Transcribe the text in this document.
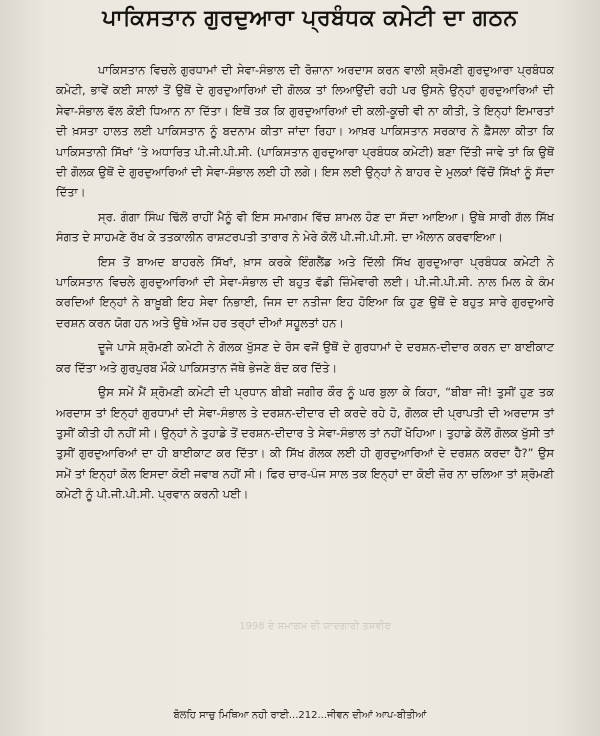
ਪਾਕਿਸਤਾਨ ਗੁਰਦੁਆਰਾ ਪ੍ਰਬੰਧਕ ਕਮੇਟੀ ਦਾ ਗਠਨ

ਪਾਕਿਸਤਾਨ ਵਿਚਲੇ ਗੁਰਧਾਮਾਂ ਦੀ ਸੇਵਾ-ਸੰਭਾਲ ਦੀ ਰੋਜ਼ਾਨਾ ਅਰਦਾਸ ਕਰਨ ਵਾਲੀ ਸ਼੍ਰੋਮਣੀ ਗੁਰਦੁਆਰਾ ਪ੍ਰਬੰਧਕ ਕਮੇਟੀ, ਭਾਵੇਂ ਕਈ ਸਾਲਾਂ ਤੋਂ ਉਥੋਂ ਦੇ ਗੁਰਦੁਆਰਿਆਂ ਦੀ ਗੋਲਕ ਤਾਂ ਲਿਆਉਂਦੀ ਰਹੀ ਪਰ ਉਸਨੇ ਉਨ੍ਹਾਂ ਗੁਰਦੁਆਰਿਆਂ ਦੀ ਸੇਵਾ-ਸੰਭਾਲ ਵੱਲ ਕੋਈ ਧਿਆਨ ਨਾ ਦਿੱਤਾ। ਇਥੋਂ ਤਕ ਕਿ ਗੁਰਦੁਆਰਿਆਂ ਦੀ ਕਲੀ-ਕੂਚੀ ਵੀ ਨਾ ਕੀਤੀ, ਤੇ ਇਨ੍ਹਾਂ ਇਮਾਰਤਾਂ ਦੀ ਖ਼ਸਤਾ ਹਾਲਤ ਲਈ ਪਾਕਿਸਤਾਨ ਨੂੰ ਬਦਨਾਮ ਕੀਤਾ ਜਾਂਦਾ ਰਿਹਾ। ਆਖ਼ਰ ਪਾਕਿਸਤਾਨ ਸਰਕਾਰ ਨੇ ਫ਼ੈਸਲਾ ਕੀਤਾ ਕਿ ਪਾਕਿਸਤਾਨੀ ਸਿੱਖਾਂ ’ਤੇ ਅਧਾਰਿਤ ਪੀ.ਜੀ.ਪੀ.ਸੀ. (ਪਾਕਿਸਤਾਨ ਗੁਰਦੁਆਰਾ ਪ੍ਰਬੰਧਕ ਕਮੇਟੀ) ਬਣਾ ਦਿੱਤੀ ਜਾਵੇ ਤਾਂ ਕਿ ਉਥੋਂ ਦੀ ਗੋਲਕ ਉਥੋਂ ਦੇ ਗੁਰਦੁਆਰਿਆਂ ਦੀ ਸੇਵਾ-ਸੰਭਾਲ ਲਈ ਹੀ ਲਗੇ। ਇਸ ਲਈ ਉਨ੍ਹਾਂ ਨੇ ਬਾਹਰ ਦੇ ਮੁਲਕਾਂ ਵਿੱਚੋਂ ਸਿੱਖਾਂ ਨੂੰ ਸੱਦਾ ਦਿੱਤਾ।

ਸ੍ਰ. ਗੰਗਾ ਸਿੰਘ ਢਿੱਲੋਂ ਰਾਹੀਂ ਮੈਨੂੰ ਵੀ ਇਸ ਸਮਾਗਮ ਵਿੱਚ ਸ਼ਾਮਲ ਹੋਣ ਦਾ ਸੱਦਾ ਆਇਆ। ਉਥੇ ਸਾਰੀ ਗੱਲ ਸਿੱਖ ਸੰਗਤ ਦੇ ਸਾਹਮਣੇ ਰੱਖ ਕੇ ਤਤਕਾਲੀਨ ਰਾਸ਼ਟਰਪਤੀ ਤਾਰਾਰ ਨੇ ਮੇਰੇ ਕੋਲੋਂ ਪੀ.ਜੀ.ਪੀ.ਸੀ. ਦਾ ਐਲਾਨ ਕਰਵਾਇਆ।

ਇਸ ਤੋਂ ਬਾਅਦ ਬਾਹਰਲੇ ਸਿੱਖਾਂ, ਖ਼ਾਸ ਕਰਕੇ ਇੰਗਲੈਂਡ ਅਤੇ ਦਿੱਲੀ ਸਿੱਖ ਗੁਰਦੁਆਰਾ ਪ੍ਰਬੰਧਕ ਕਮੇਟੀ ਨੇ ਪਾਕਿਸਤਾਨ ਵਿਚਲੇ ਗੁਰਦੁਆਰਿਆਂ ਦੀ ਸੇਵਾ-ਸੰਭਾਲ ਦੀ ਬਹੁਤ ਵੱਡੀ ਜ਼ਿੰਮੇਵਾਰੀ ਲਈ। ਪੀ.ਜੀ.ਪੀ.ਸੀ. ਨਾਲ ਮਿਲ ਕੇ ਕੰਮ ਕਰਦਿਆਂ ਇਨ੍ਹਾਂ ਨੇ ਬਾਖ਼ੂਬੀ ਇਹ ਸੇਵਾ ਨਿਭਾਈ, ਜਿਸ ਦਾ ਨਤੀਜਾ ਇਹ ਹੋਇਆ ਕਿ ਹੁਣ ਉਥੋਂ ਦੇ ਬਹੁਤ ਸਾਰੇ ਗੁਰਦੁਆਰੇ ਦਰਸ਼ਨ ਕਰਨ ਯੋਗ ਹਨ ਅਤੇ ਉਥੇ ਅੱਜ ਹਰ ਤਰ੍ਹਾਂ ਦੀਆਂ ਸਹੂਲਤਾਂ ਹਨ।

ਦੂਜੇ ਪਾਸੇ ਸ਼੍ਰੋਮਣੀ ਕਮੇਟੀ ਨੇ ਗੋਲਕ ਖੁੱਸਣ ਦੇ ਰੋਸ ਵਜੋਂ ਉਥੋਂ ਦੇ ਗੁਰਧਾਮਾਂ ਦੇ ਦਰਸ਼ਨ-ਦੀਦਾਰ ਕਰਨ ਦਾ ਬਾਈਕਾਟ ਕਰ ਦਿੱਤਾ ਅਤੇ ਗੁਰਪੁਰਬ ਮੌਕੇ ਪਾਕਿਸਤਾਨ ਜੱਥੇ ਭੇਜਣੇ ਬੰਦ ਕਰ ਦਿੱਤੇ।

ਉਸ ਸਮੇਂ ਮੈਂ ਸ਼੍ਰੋਮਣੀ ਕਮੇਟੀ ਦੀ ਪ੍ਰਧਾਨ ਬੀਬੀ ਜਗੀਰ ਕੌਰ ਨੂੰ ਘਰ ਬੁਲਾ ਕੇ ਕਿਹਾ, “ਬੀਬਾ ਜੀ! ਤੁਸੀਂ ਹੁਣ ਤਕ ਅਰਦਾਸ ਤਾਂ ਇਨ੍ਹਾਂ ਗੁਰਧਾਮਾਂ ਦੀ ਸੇਵਾ-ਸੰਭਾਲ ਤੇ ਦਰਸ਼ਨ-ਦੀਦਾਰ ਦੀ ਕਰਦੇ ਰਹੇ ਹੋ, ਗੋਲਕ ਦੀ ਪ੍ਰਾਪਤੀ ਦੀ ਅਰਦਾਸ ਤਾਂ ਤੁਸੀਂ ਕੀਤੀ ਹੀ ਨਹੀਂ ਸੀ। ਉਨ੍ਹਾਂ ਨੇ ਤੁਹਾਡੇ ਤੋਂ ਦਰਸ਼ਨ-ਦੀਦਾਰ ਤੇ ਸੇਵਾ-ਸੰਭਾਲ ਤਾਂ ਨਹੀਂ ਖੋਹਿਆ। ਤੁਹਾਡੇ ਕੋਲੋਂ ਗੋਲਕ ਖੁੱਸੀ ਤਾਂ ਤੁਸੀਂ ਗੁਰਦੁਆਰਿਆਂ ਦਾ ਹੀ ਬਾਈਕਾਟ ਕਰ ਦਿੱਤਾ। ਕੀ ਸਿੱਖ ਗੋਲਕ ਲਈ ਹੀ ਗੁਰਦੁਆਰਿਆਂ ਦੇ ਦਰਸ਼ਨ ਕਰਦਾ ਹੈ?” ਉਸ ਸਮੇਂ ਤਾਂ ਇਨ੍ਹਾਂ ਕੋਲ ਇਸਦਾ ਕੋਈ ਜਵਾਬ ਨਹੀਂ ਸੀ। ਫਿਰ ਚਾਰ-ਪੰਜ ਸਾਲ ਤਕ ਇਨ੍ਹਾਂ ਦਾ ਕੋਈ ਜ਼ੋਰ ਨਾ ਚਲਿਆ ਤਾਂ ਸ਼੍ਰੋਮਣੀ ਕਮੇਟੀ ਨੂੰ ਪੀ.ਜੀ.ਪੀ.ਸੀ. ਪ੍ਰਵਾਨ ਕਰਨੀ ਪਈ।

1998 ਦੇ ਸਮਾਗਮ ਦੀ ਯਾਦਗਾਰੀ ਤਸਵੀਰ
ਬੋਲਹਿ ਸਾਚੁ ਮਿਥਿਆ ਨਹੀ ਰਾਈ...212...ਜੀਵਨ ਦੀਆਂ ਆਪ-ਬੀਤੀਆਂ
